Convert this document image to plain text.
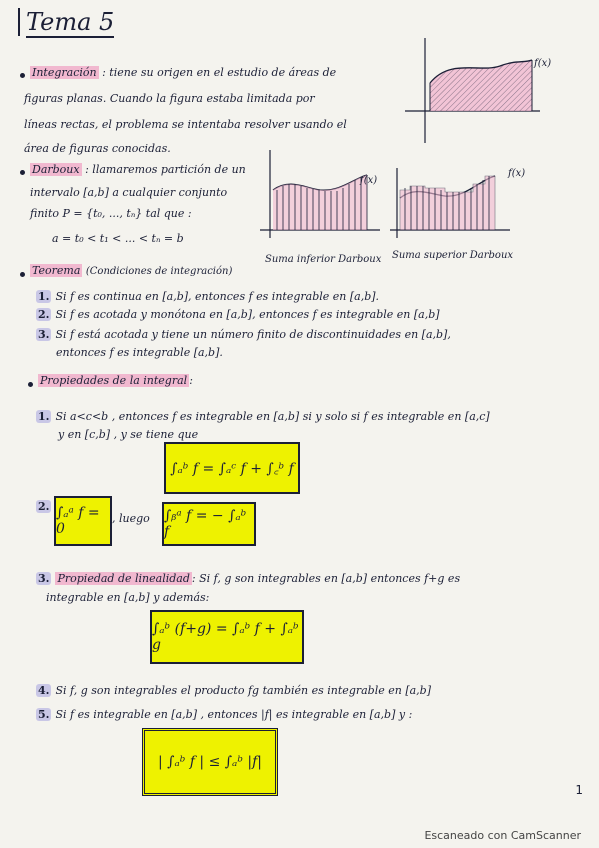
Tema 5
Integración : tiene su origen en el estudio de áreas de
figuras planas. Cuando la figura estaba limitada por
líneas rectas, el problema se intentaba resolver usando el
área de figuras conocidas.
f(x)
Darboux : llamaremos partición de un
intervalo [a,b] a cualquier conjunto
finito P = {t₀, ..., tₙ} tal que :
a = t₀ < t₁ < ... < tₙ = b
f(x)
f(x)
Suma inferior Darboux Suma superior Darboux
Teorema (Condiciones de integración)
1. Si f es continua en [a,b], entonces f es integrable en [a,b].
2. Si f es acotada y monótona en [a,b], entonces f es integrable en [a,b]
3. Si f está acotada y tiene un número finito de discontinuidades en [a,b],
entonces f es integrable [a,b].
Propiedades de la integral :
1. Si a<c<b , entonces f es integrable en [a,b] si y solo si f es integrable en [a,c]
y en [c,b] , y se tiene que
∫ₐᵇ f = ∫ₐᶜ f + ∫꜀ᵇ f
2. ∫ₐᵃ f = 0
, luego ∫ᵦᵃ f = − ∫ₐᵇ f
3. Propiedad de linealidad : Si f, g son integrables en [a,b] entonces f+g es
integrable en [a,b] y además:
∫ₐᵇ (f+g) = ∫ₐᵇ f + ∫ₐᵇ g
4. Si f, g son integrables el producto fg también es integrable en [a,b]
5. Si f es integrable en [a,b] , entonces |f| es integrable en [a,b] y :
| ∫ₐᵇ f | ≤ ∫ₐᵇ |f|
1
Escaneado con CamScanner
